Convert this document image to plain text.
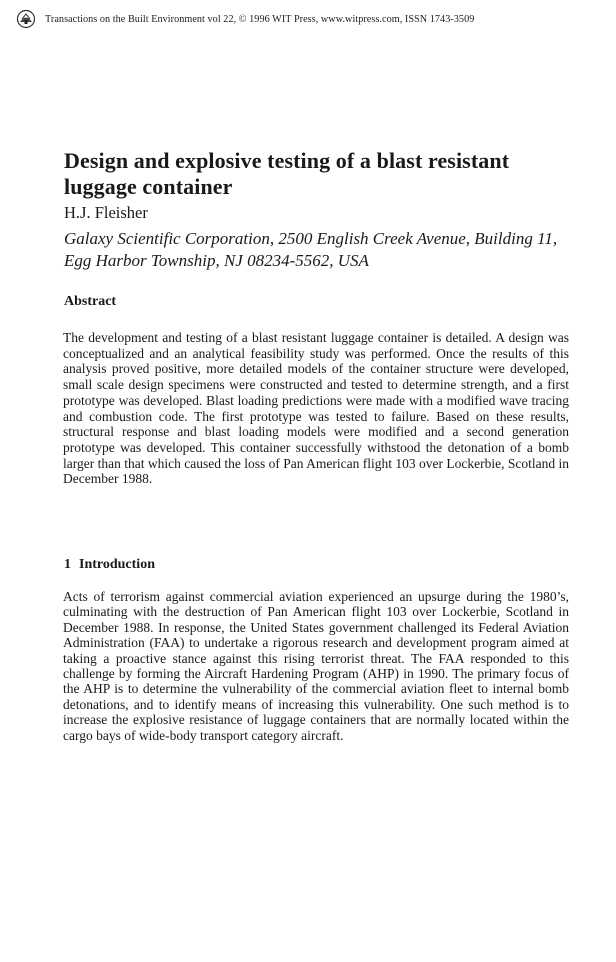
Transactions on the Built Environment vol 22, © 1996 WIT Press, www.witpress.com, ISSN 1743-3509
Design and explosive testing of a blast resistant luggage container

H.J. Fleisher

Galaxy Scientific Corporation, 2500 English Creek Avenue, Building 11, Egg Harbor Township, NJ 08234-5562, USA

Abstract

The development and testing of a blast resistant luggage container is detailed. A design was conceptualized and an analytical feasibility study was performed. Once the results of this analysis proved positive, more detailed models of the container structure were developed, small scale design specimens were constructed and tested to determine strength, and a first prototype was developed. Blast loading predictions were made with a modified wave tracing and combustion code. The first prototype was tested to failure. Based on these results, structural response and blast loading models were modified and a second generation prototype was developed. This container successfully withstood the detonation of a bomb larger than that which caused the loss of Pan American flight 103 over Lockerbie, Scotland in December 1988.

1 Introduction

Acts of terrorism against commercial aviation experienced an upsurge during the 1980’s, culminating with the destruction of Pan American flight 103 over Lockerbie, Scotland in December 1988. In response, the United States government challenged its Federal Aviation Administration (FAA) to undertake a rigorous research and development program aimed at taking a proactive stance against this rising terrorist threat. The FAA responded to this challenge by forming the Aircraft Hardening Program (AHP) in 1990. The primary focus of the AHP is to determine the vulnerability of the commercial aviation fleet to internal bomb detonations, and to identify means of increasing this vulnerability. One such method is to increase the explosive resistance of luggage containers that are normally located within the cargo bays of wide-body transport category aircraft.
